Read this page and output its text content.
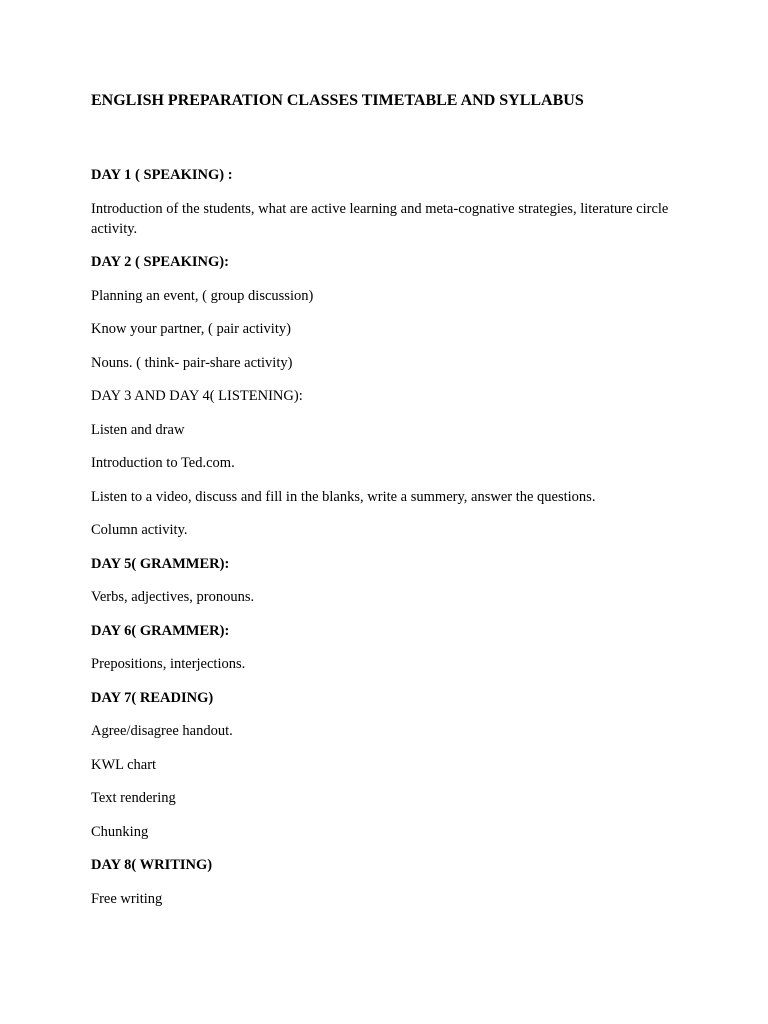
ENGLISH PREPARATION CLASSES TIMETABLE AND SYLLABUS

DAY 1 ( SPEAKING) :

Introduction of the students, what are active learning and meta-cognative strategies, literature circle activity.

DAY 2 ( SPEAKING):

Planning an event, ( group discussion)

Know your partner, ( pair activity)

Nouns. ( think- pair-share activity)

DAY 3 AND DAY 4( LISTENING):

Listen and draw

Introduction to Ted.com.

Listen to a video, discuss and fill in the blanks, write a summery, answer the questions.

Column activity.

DAY 5( GRAMMER):

Verbs, adjectives, pronouns.

DAY 6( GRAMMER):

Prepositions, interjections.

DAY 7( READING)

Agree/disagree handout.

KWL chart

Text rendering

Chunking

DAY 8( WRITING)

Free writing
